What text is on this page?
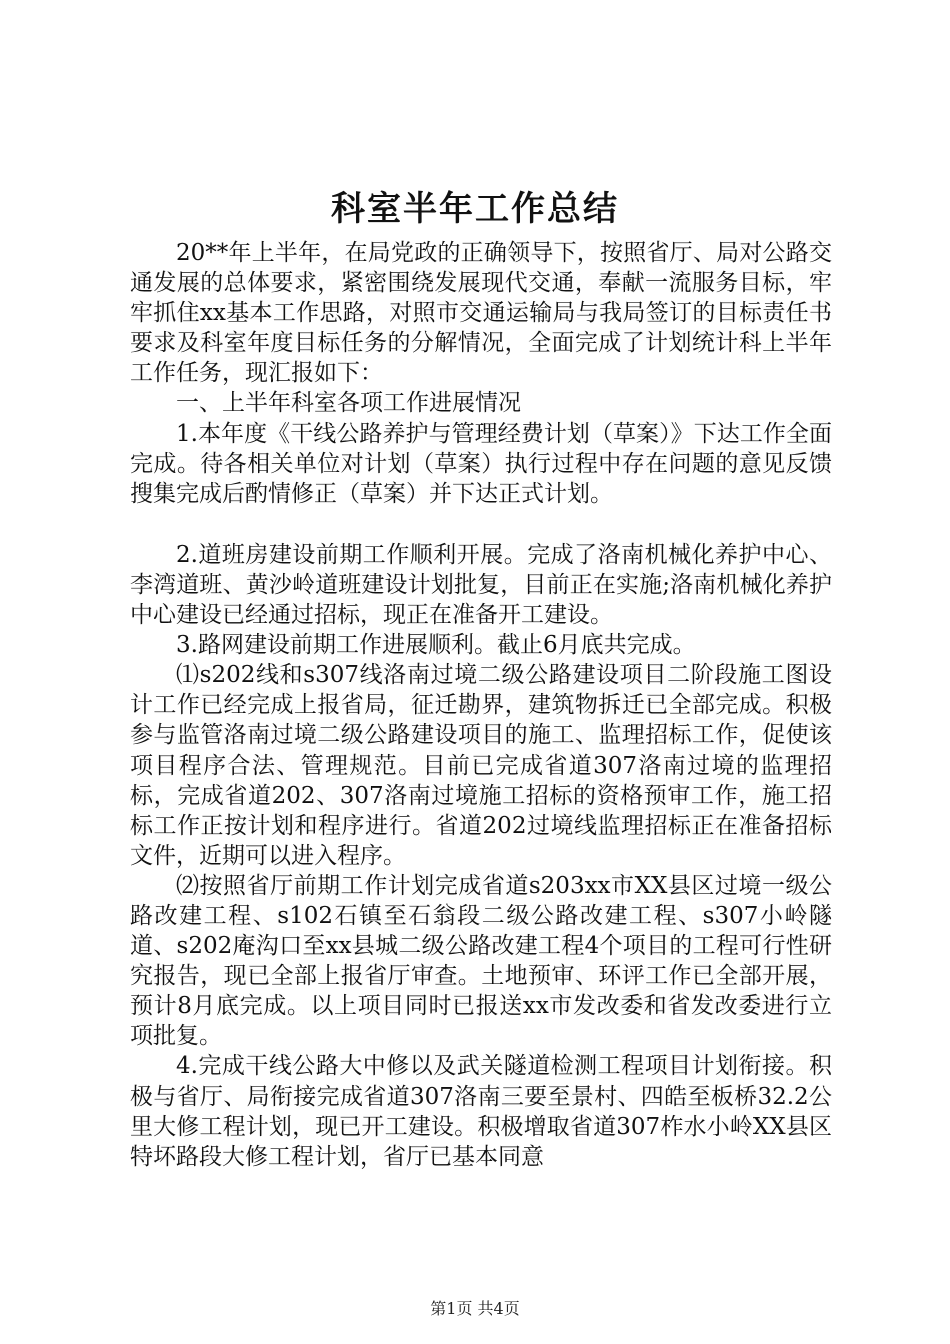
科室半年工作总结

20**年上半年，在局党政的正确领导下，按照省厅、局对公路交通发展的总体要求，紧密围绕发展现代交通，奉献一流服务目标，牢牢抓住xx基本工作思路，对照市交通运输局与我局签订的目标责任书要求及科室年度目标任务的分解情况，全面完成了计划统计科上半年工作任务，现汇报如下：

一、上半年科室各项工作进展情况

1.本年度《干线公路养护与管理经费计划（草案）》下达工作全面完成。待各相关单位对计划（草案）执行过程中存在问题的意见反馈搜集完成后酌情修正（草案）并下达正式计划。

2.道班房建设前期工作顺利开展。完成了洛南机械化养护中心、李湾道班、黄沙岭道班建设计划批复，目前正在实施;洛南机械化养护中心建设已经通过招标，现正在准备开工建设。

3.路网建设前期工作进展顺利。截止6月底共完成。

⑴s202线和s307线洛南过境二级公路建设项目二阶段施工图设计工作已经完成上报省局，征迁勘界，建筑物拆迁已全部完成。积极参与监管洛南过境二级公路建设项目的施工、监理招标工作，促使该项目程序合法、管理规范。目前已完成省道307洛南过境的监理招标，完成省道202、307洛南过境施工招标的资格预审工作，施工招标工作正按计划和程序进行。省道202过境线监理招标正在准备招标文件，近期可以进入程序。

⑵按照省厅前期工作计划完成省道s203xx市XX县区过境一级公路改建工程、s102石镇至石翁段二级公路改建工程、s307小岭隧道、s202庵沟口至xx县城二级公路改建工程4个项目的工程可行性研究报告，现已全部上报省厅审查。土地预审、环评工作已全部开展，预计8月底完成。以上项目同时已报送xx市发改委和省发改委进行立项批复。

4.完成干线公路大中修以及武关隧道检测工程项目计划衔接。积极与省厅、局衔接完成省道307洛南三要至景村、四皓至板桥32.2公里大修工程计划，现已开工建设。积极增取省道307柞水小岭XX县区特坏路段大修工程计划，省厅已基本同意

第1页 共4页
